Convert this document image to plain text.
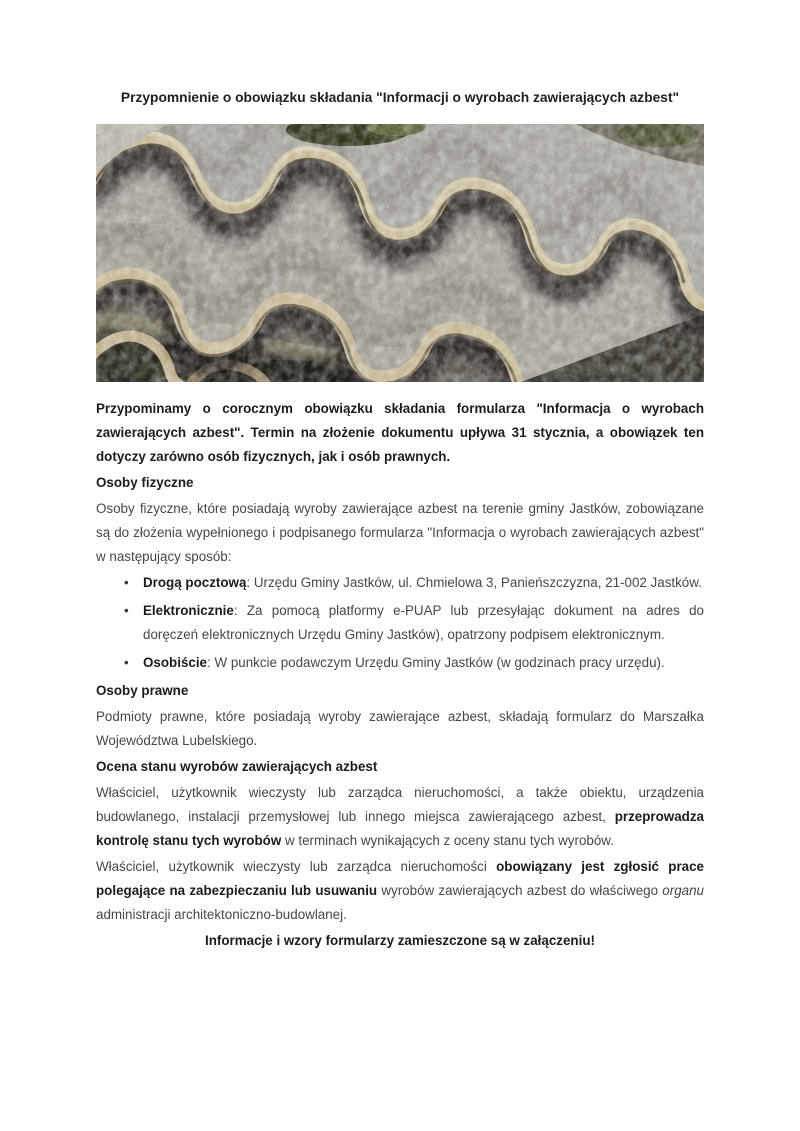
Przypomnienie o obowiązku składania "Informacji o wyrobach zawierających azbest"

Przypominamy o corocznym obowiązku składania formularza "Informacja o wyrobach zawierających azbest". Termin na złożenie dokumentu upływa 31 stycznia, a obowiązek ten dotyczy zarówno osób fizycznych, jak i osób prawnych.

Osoby fizyczne

Osoby fizyczne, które posiadają wyroby zawierające azbest na terenie gminy Jastków, zobowiązane są do złożenia wypełnionego i podpisanego formularza "Informacja o wyrobach zawierających azbest" w następujący sposób:

• Drogą pocztową: Urzędu Gminy Jastków, ul. Chmielowa 3, Panieńszczyzna, 21-002 Jastków.
• Elektronicznie: Za pomocą platformy e-PUAP lub przesyłając dokument na adres do doręczeń elektronicznych Urzędu Gminy Jastków), opatrzony podpisem elektronicznym.
• Osobiście: W punkcie podawczym Urzędu Gminy Jastków (w godzinach pracy urzędu).
Osoby prawne

Podmioty prawne, które posiadają wyroby zawierające azbest, składają formularz do Marszałka Województwa Lubelskiego.

Ocena stanu wyrobów zawierających azbest

Właściciel, użytkownik wieczysty lub zarządca nieruchomości, a także obiektu, urządzenia budowlanego, instalacji przemysłowej lub innego miejsca zawierającego azbest, przeprowadza kontrolę stanu tych wyrobów w terminach wynikających z oceny stanu tych wyrobów.

Właściciel, użytkownik wieczysty lub zarządca nieruchomości obowiązany jest zgłosić prace polegające na zabezpieczaniu lub usuwaniu wyrobów zawierających azbest do właściwego organu administracji architektoniczno-budowlanej.

Informacje i wzory formularzy zamieszczone są w załączeniu!
